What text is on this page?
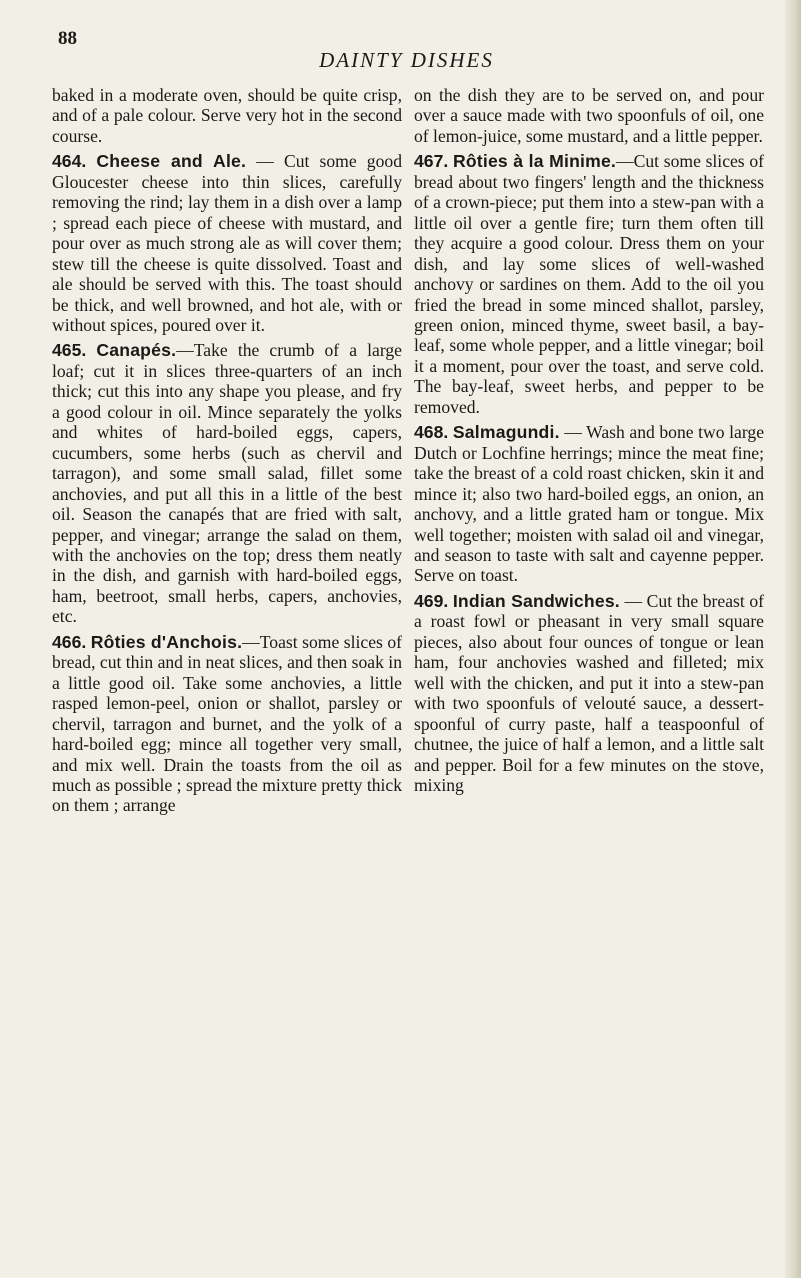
88
DAINTY DISHES

baked in a moderate oven, should be quite crisp, and of a pale colour. Serve very hot in the second course.

464. Cheese and Ale. — Cut some good Gloucester cheese into thin slices, carefully removing the rind; lay them in a dish over a lamp ; spread each piece of cheese with mustard, and pour over as much strong ale as will cover them; stew till the cheese is quite dissolved. Toast and ale should be served with this. The toast should be thick, and well browned, and hot ale, with or without spices, poured over it.

465. Canapés.—Take the crumb of a large loaf; cut it in slices three-quarters of an inch thick; cut this into any shape you please, and fry a good colour in oil. Mince separately the yolks and whites of hard-boiled eggs, capers, cucumbers, some herbs (such as chervil and tarragon), and some small salad, fillet some anchovies, and put all this in a little of the best oil. Season the canapés that are fried with salt, pepper, and vinegar; arrange the salad on them, with the anchovies on the top; dress them neatly in the dish, and garnish with hard-boiled eggs, ham, beetroot, small herbs, capers, anchovies, etc.

466. Rôties d'Anchois.—Toast some slices of bread, cut thin and in neat slices, and then soak in a little good oil. Take some anchovies, a little rasped lemon-peel, onion or shallot, parsley or chervil, tarragon and burnet, and the yolk of a hard-boiled egg; mince all together very small, and mix well. Drain the toasts from the oil as much as possible ; spread the mixture pretty thick on them ; arrange

on the dish they are to be served on, and pour over a sauce made with two spoonfuls of oil, one of lemon-juice, some mustard, and a little pepper.

467. Rôties à la Minime.—Cut some slices of bread about two fingers' length and the thickness of a crown-piece; put them into a stew-pan with a little oil over a gentle fire; turn them often till they acquire a good colour. Dress them on your dish, and lay some slices of well-washed anchovy or sardines on them. Add to the oil you fried the bread in some minced shallot, parsley, green onion, minced thyme, sweet basil, a bay-leaf, some whole pepper, and a little vinegar; boil it a moment, pour over the toast, and serve cold. The bay-leaf, sweet herbs, and pepper to be removed.

468. Salmagundi. — Wash and bone two large Dutch or Lochfine herrings; mince the meat fine; take the breast of a cold roast chicken, skin it and mince it; also two hard-boiled eggs, an onion, an anchovy, and a little grated ham or tongue. Mix well together; moisten with salad oil and vinegar, and season to taste with salt and cayenne pepper. Serve on toast.

469. Indian Sandwiches. — Cut the breast of a roast fowl or pheasant in very small square pieces, also about four ounces of tongue or lean ham, four anchovies washed and filleted; mix well with the chicken, and put it into a stew-pan with two spoonfuls of velouté sauce, a dessert-spoonful of curry paste, half a teaspoonful of chutnee, the juice of half a lemon, and a little salt and pepper. Boil for a few minutes on the stove, mixing
